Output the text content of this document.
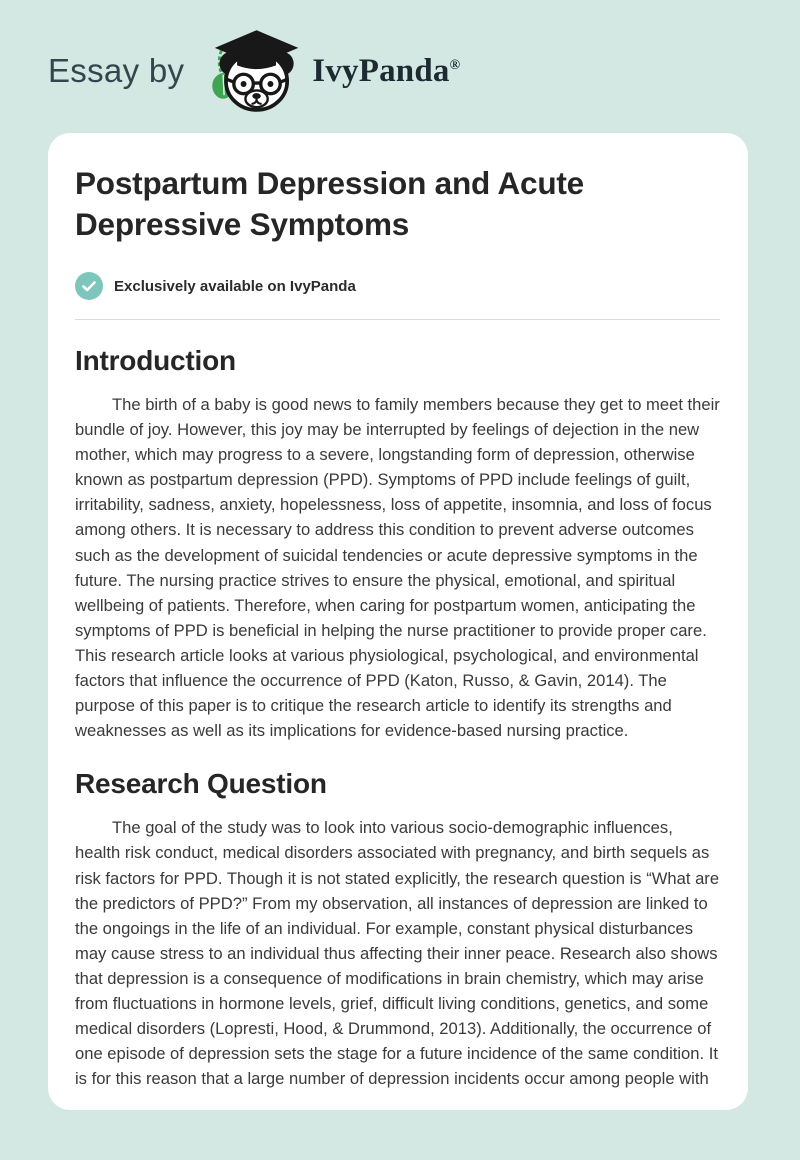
Essay by	IvyPanda®
Postpartum Depression and Acute Depressive Symptoms
Exclusively available on IvyPanda
Introduction

The birth of a baby is good news to family members because they get to meet their bundle of joy. However, this joy may be interrupted by feelings of dejection in the new mother, which may progress to a severe, longstanding form of depression, otherwise known as postpartum depression (PPD). Symptoms of PPD include feelings of guilt, irritability, sadness, anxiety, hopelessness, loss of appetite, insomnia, and loss of focus among others. It is necessary to address this condition to prevent adverse outcomes such as the development of suicidal tendencies or acute depressive symptoms in the future. The nursing practice strives to ensure the physical, emotional, and spiritual wellbeing of patients. Therefore, when caring for postpartum women, anticipating the symptoms of PPD is beneficial in helping the nurse practitioner to provide proper care. This research article looks at various physiological, psychological, and environmental factors that influence the occurrence of PPD (Katon, Russo, & Gavin, 2014). The purpose of this paper is to critique the research article to identify its strengths and weaknesses as well as its implications for evidence-based nursing practice.

Research Question

The goal of the study was to look into various socio-demographic influences, health risk conduct, medical disorders associated with pregnancy, and birth sequels as risk factors for PPD. Though it is not stated explicitly, the research question is “What are the predictors of PPD?” From my observation, all instances of depression are linked to the ongoings in the life of an individual. For example, constant physical disturbances may cause stress to an individual thus affecting their inner peace. Research also shows that depression is a consequence of modifications in brain chemistry, which may arise from fluctuations in hormone levels, grief, difficult living conditions, genetics, and some medical disorders (Lopresti, Hood, & Drummond, 2013). Additionally, the occurrence of one episode of depression sets the stage for a future incidence of the same condition. It is for this reason that a large number of depression incidents occur among people with
